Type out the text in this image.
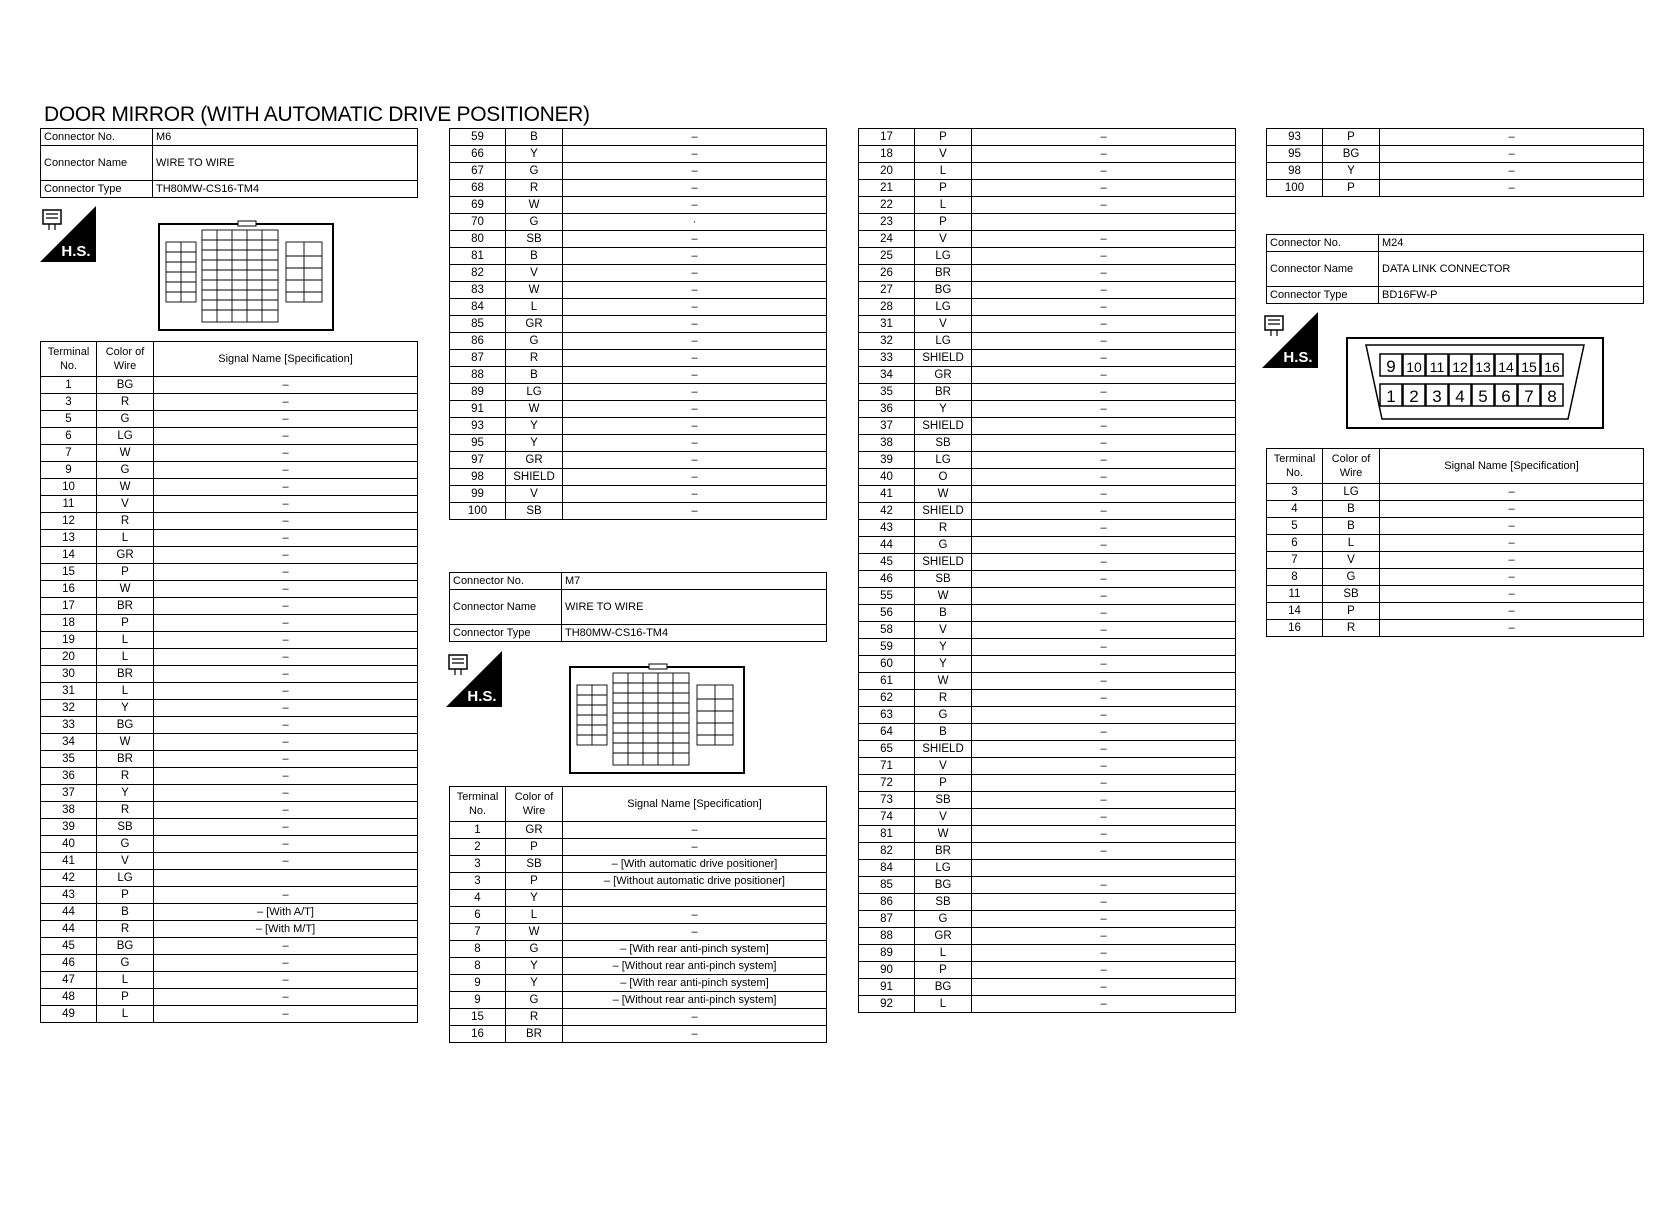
DOOR MIRROR (WITH AUTOMATIC DRIVE POSITIONER)
Connector No.	M6
Connector Name	WIRE TO WIRE
Connector Type	TH80MW-CS16-TM4
H.S.
H.S.
H.S.	9 10 11 12 13 14 15 16
1 2 3 4 5 6 7 8
Terminal No.	Color of Wire	Signal Name [Specification]
1	BG	–
3	R	–
5	G	–
6	LG	–
7	W	–
9	G	–
10	W	–
11	V	–
12	R	–
13	L	–
14	GR	–
15	P	–
16	W	–
17	BR	–
18	P	–
19	L	–
20	L	–
30	BR	–
31	L	–
32	Y	–
33	BG	–
34	W	–
35	BR	–
36	R	–
37	Y	–
38	R	–
39	SB	–
40	G	–
41	V	–
42	LG	
43	P	–
44	B	– [With A/T]
44	R	– [With M/T]
45	BG	–
46	G	–
47	L	–
48	P	–
49	L	–
59	B	–
66	Y	–
67	G	–
68	R	–
69	W	–
70	G	·
80	SB	–
81	B	–
82	V	–
83	W	–
84	L	–
85	GR	–
86	G	–
87	R	–
88	B	–
89	LG	–
91	W	–
93	Y	–
95	Y	–
97	GR	–
98	SHIELD	–
99	V	–
100	SB	–
Connector No.	M7
Connector Name	WIRE TO WIRE
Connector Type	TH80MW-CS16-TM4
Terminal No.	Color of Wire	Signal Name [Specification]
1	GR	–
2	P	–
3	SB	– [With automatic drive positioner]
3	P	– [Without automatic drive positioner]
4	Y	
6	L	–
7	W	–
8	G	– [With rear anti-pinch system]
8	Y	– [Without rear anti-pinch system]
9	Y	– [With rear anti-pinch system]
9	G	– [Without rear anti-pinch system]
15	R	–
16	BR	–
17	P	–
18	V	–
20	L	–
21	P	–
22	L	–
23	P	
24	V	–
25	LG	–
26	BR	–
27	BG	–
28	LG	–
31	V	–
32	LG	–
33	SHIELD	–
34	GR	–
35	BR	–
36	Y	–
37	SHIELD	–
38	SB	–
39	LG	–
40	O	–
41	W	–
42	SHIELD	–
43	R	–
44	G	–
45	SHIELD	–
46	SB	–
55	W	–
56	B	–
58	V	–
59	Y	–
60	Y	–
61	W	–
62	R	–
63	G	–
64	B	–
65	SHIELD	–
71	V	–
72	P	–
73	SB	–
74	V	–
81	W	–
82	BR	–
84	LG	
85	BG	–
86	SB	–
87	G	–
88	GR	–
89	L	–
90	P	–
91	BG	–
92	L	–
93	P	–
95	BG	–
98	Y	–
100	P	–
Connector No.	M24
Connector Name	DATA LINK CONNECTOR
Connector Type	BD16FW-P
Terminal No.	Color of Wire	Signal Name [Specification]
3	LG	–
4	B	–
5	B	–
6	L	–
7	V	–
8	G	–
11	SB	–
14	P	–
16	R	–
